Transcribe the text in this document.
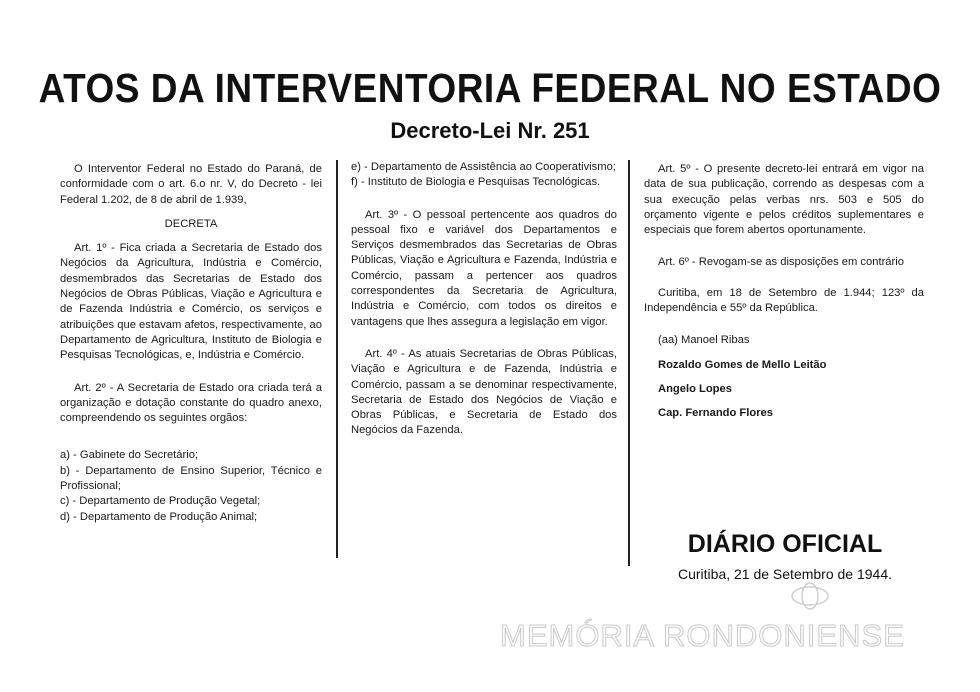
ATOS DA INTERVENTORIA FEDERAL NO ESTADO
Decreto-Lei Nr. 251

O Interventor Federal no Estado do Paraná, de conformidade com o art. 6.o nr. V, do Decreto - lei Federal 1.202, de 8 de abril de 1.939,

DECRETA

Art. 1º - Fica criada a Secretaria de Estado dos Negócios da Agricultura, Indústria e Comércio, desmembrados das Secretarias de Estado dos Negócios de Obras Públicas, Viação e Agricultura e de Fazenda Indústria e Comércio, os serviços e atribuições que estavam afetos, respectivamente, ao Departamento de Agricultura, Instituto de Biologia e Pesquisas Tecnológicas, e, Indústria e Comércio.

Art. 2º - A Secretaria de Estado ora criada terá a organização e dotação constante do quadro anexo, compreendendo os seguintes orgãos:

a) - Gabinete do Secretário;

b) - Departamento de Ensino Superior, Técnico e Profissional;

c) - Departamento de Produção Vegetal;

d) - Departamento de Produção Animal;

e) - Departamento de Assistência ao Cooperativismo;

f) - Instituto de Biologia e Pesquisas Tecnológicas.

Art. 3º - O pessoal pertencente aos quadros do pessoal fixo e variável dos Departamentos e Serviços desmembrados das Secretarias de Obras Públicas, Viação e Agricultura e Fazenda, Indústria e Comércio, passam a pertencer aos quadros correspondentes da Secretaria de Agricultura, Indústria e Comércio, com todos os direitos e vantagens que lhes assegura a legislação em vigor.

Art. 4º - As atuais Secretarias de Obras Públicas, Viação e Agricultura e de Fazenda, Indústria e Comércio, passam a se denominar respectivamente, Secretaria de Estado dos Negócios de Viação e Obras Públicas, e Secretaria de Estado dos Negócios da Fazenda.

Art. 5º - O presente decreto-lei entrará em vigor na data de sua publicação, correndo as despesas com a sua execução pelas verbas nrs. 503 e 505 do orçamento vigente e pelos créditos suplementares e especiais que forem abertos oportunamente.

Art. 6º - Revogam-se as disposições em contrário

Curitiba, em 18 de Setembro de 1.944; 123º da Independência e 55º da República.

(aa) Manoel Ribas

Rozaldo Gomes de Mello Leitão

Angelo Lopes

Cap. Fernando Flores

DIÁRIO OFICIAL
Curitiba, 21 de Setembro de 1944.
MEMÓRIA RONDONIENSE
